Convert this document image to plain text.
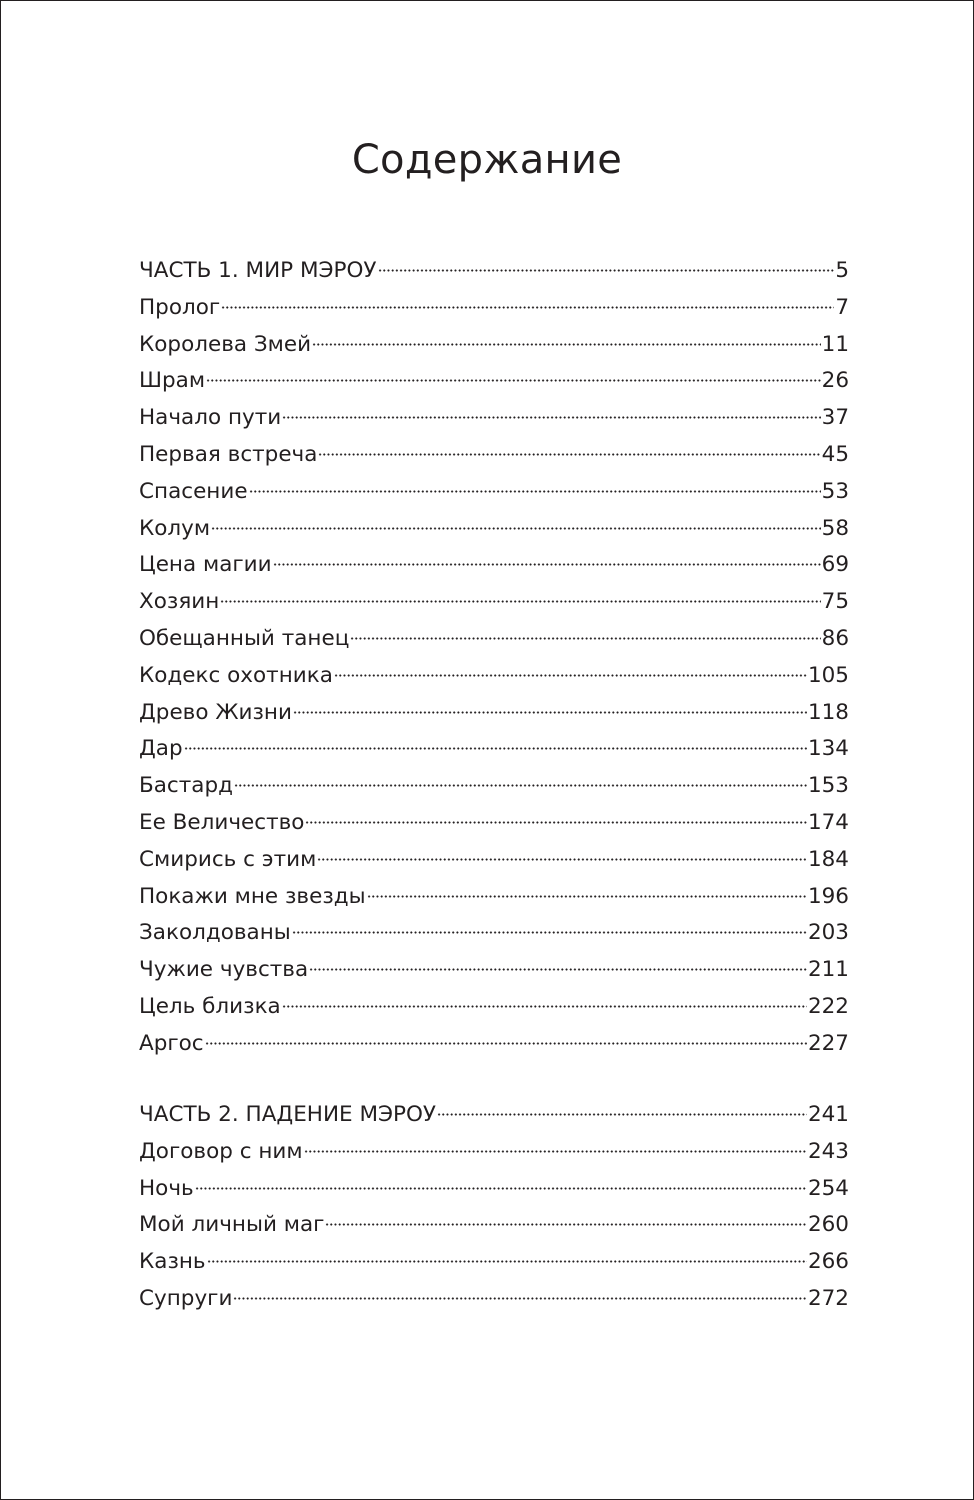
Содержание
ЧАСТЬ 1. МИР МЭРОУ	5
Пролог	7
Королева Змей	11
Шрам	26
Начало пути	37
Первая встреча	45
Спасение	53
Колум	58
Цена магии	69
Хозяин	75
Обещанный танец	86
Кодекс охотника	105
Древо Жизни	118
Дар	134
Бастард	153
Ее Величество	174
Смирись с этим	184
Покажи мне звезды	196
Заколдованы	203
Чужие чувства	211
Цель близка	222
Аргос	227
ЧАСТЬ 2. ПАДЕНИЕ МЭРОУ	241
Договор с ним	243
Ночь	254
Мой личный маг	260
Казнь	266
Супруги	272
